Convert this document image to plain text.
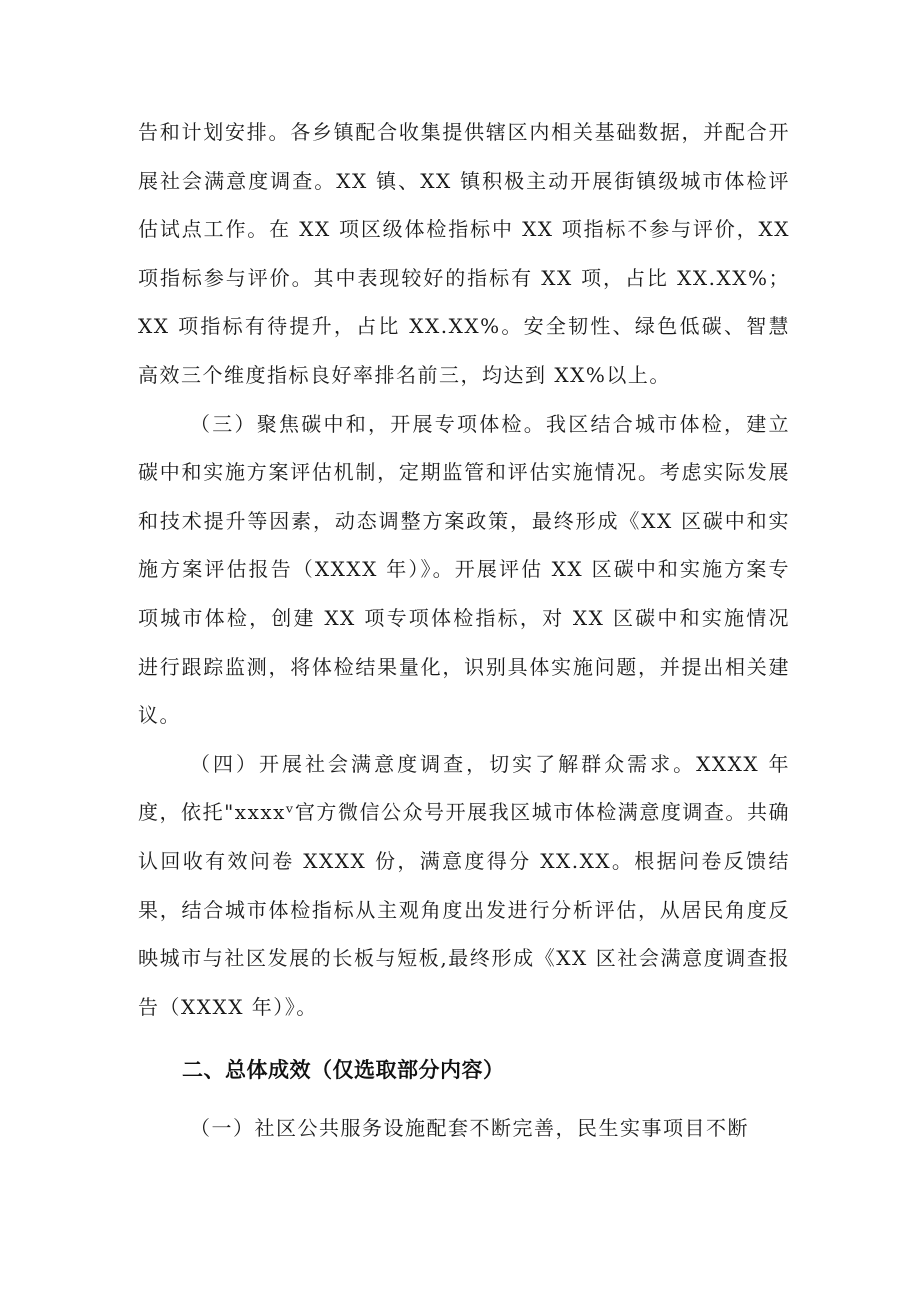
告和计划安排。各乡镇配合收集提供辖区内相关基础数据，并配合开展社会满意度调查。XX 镇、XX 镇积极主动开展街镇级城市体检评估试点工作。在 XX 项区级体检指标中 XX 项指标不参与评价，XX 项指标参与评价。其中表现较好的指标有 XX 项，占比 XX.XX%；XX 项指标有待提升，占比 XX.XX%。安全韧性、绿色低碳、智慧高效三个维度指标良好率排名前三，均达到 XX%以上。

（三）聚焦碳中和，开展专项体检。我区结合城市体检，建立碳中和实施方案评估机制，定期监管和评估实施情况。考虑实际发展和技术提升等因素，动态调整方案政策，最终形成《XX 区碳中和实施方案评估报告（XXXX 年）》。开展评估 XX 区碳中和实施方案专项城市体检，创建 XX 项专项体检指标，对 XX 区碳中和实施情况进行跟踪监测，将体检结果量化，识别具体实施问题，并提出相关建议。

（四）开展社会满意度调查，切实了解群众需求。XXXX 年度，依托"xxxxᵛ官方微信公众号开展我区城市体检满意度调查。共确认回收有效问卷 XXXX 份，满意度得分 XX.XX。根据问卷反馈结果，结合城市体检指标从主观角度出发进行分析评估，从居民角度反映城市与社区发展的长板与短板,最终形成《XX 区社会满意度调查报告（XXXX 年）》。

二、总体成效（仅选取部分内容）

（一）社区公共服务设施配套不断完善，民生实事项目不断
